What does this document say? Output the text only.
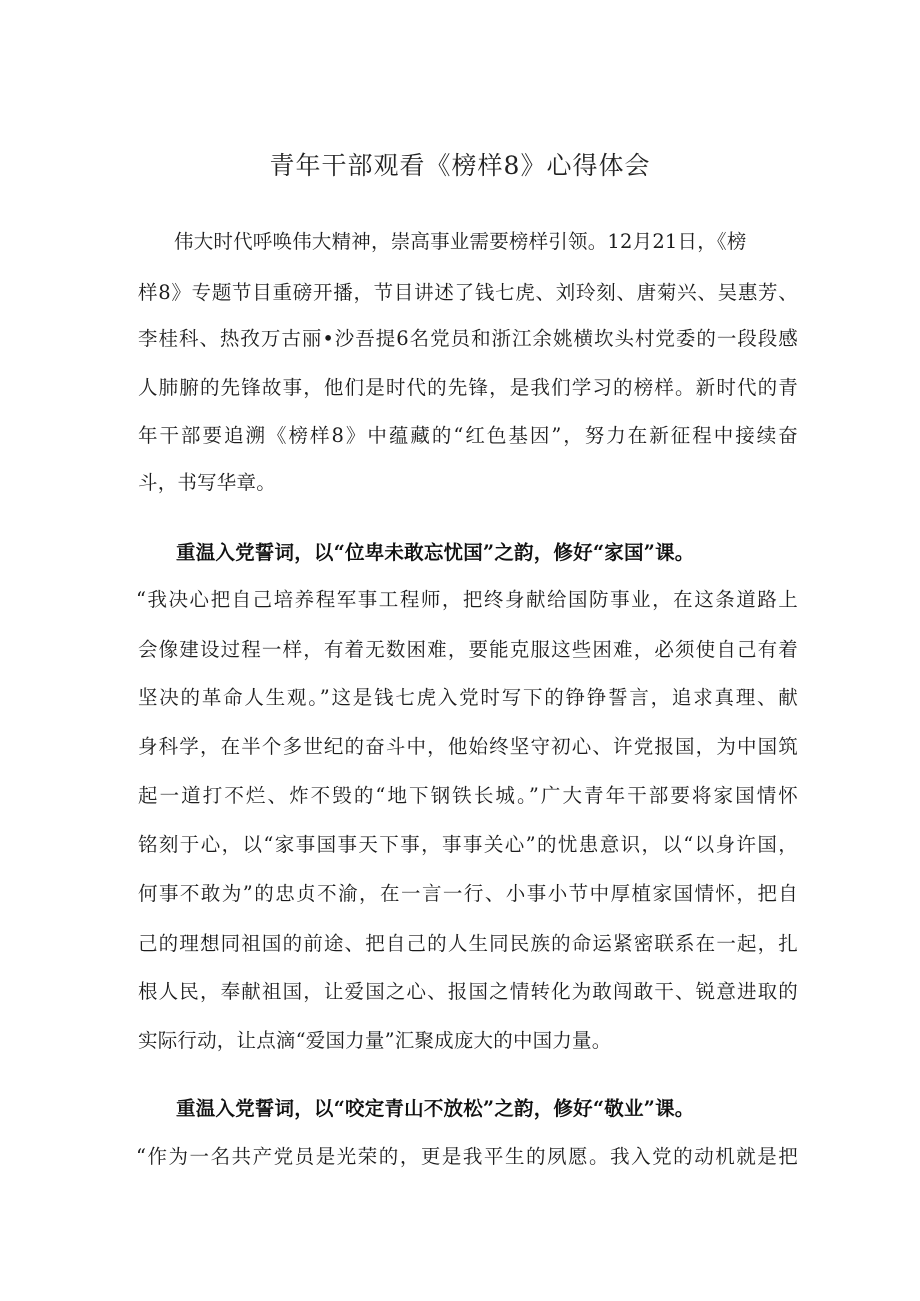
青年干部观看《榜样8》心得体会
伟大时代呼唤伟大精神，崇高事业需要榜样引领。12月21日，《榜
样8》专题节目重磅开播，节目讲述了钱七虎、刘玲刻、唐菊兴、吴惠芳、
李桂科、热孜万古丽•沙吾提6名党员和浙江余姚横坎头村党委的一段段感
人肺腑的先锋故事，他们是时代的先锋，是我们学习的榜样。新时代的青
年干部要追溯《榜样8》中蕴藏的“红色基因”，努力在新征程中接续奋
斗，书写华章。
重温入党誓词，以“位卑未敢忘忧国”之韵，修好“家国”课。
“我决心把自己培养程军事工程师，把终身献给国防事业，在这条道路上
会像建设过程一样，有着无数困难，要能克服这些困难，必须使自己有着
坚决的革命人生观。”这是钱七虎入党时写下的铮铮誓言，追求真理、献
身科学，在半个多世纪的奋斗中，他始终坚守初心、许党报国，为中国筑
起一道打不烂、炸不毁的“地下钢铁长城。”广大青年干部要将家国情怀
铭刻于心，以“家事国事天下事，事事关心”的忧患意识，以“以身许国，
何事不敢为”的忠贞不渝，在一言一行、小事小节中厚植家国情怀，把自
己的理想同祖国的前途、把自己的人生同民族的命运紧密联系在一起，扎
根人民，奉献祖国，让爱国之心、报国之情转化为敢闯敢干、锐意进取的
实际行动，让点滴“爱国力量”汇聚成庞大的中国力量。
重温入党誓词，以“咬定青山不放松”之韵，修好“敬业”课。
“作为一名共产党员是光荣的，更是我平生的夙愿。我入党的动机就是把
